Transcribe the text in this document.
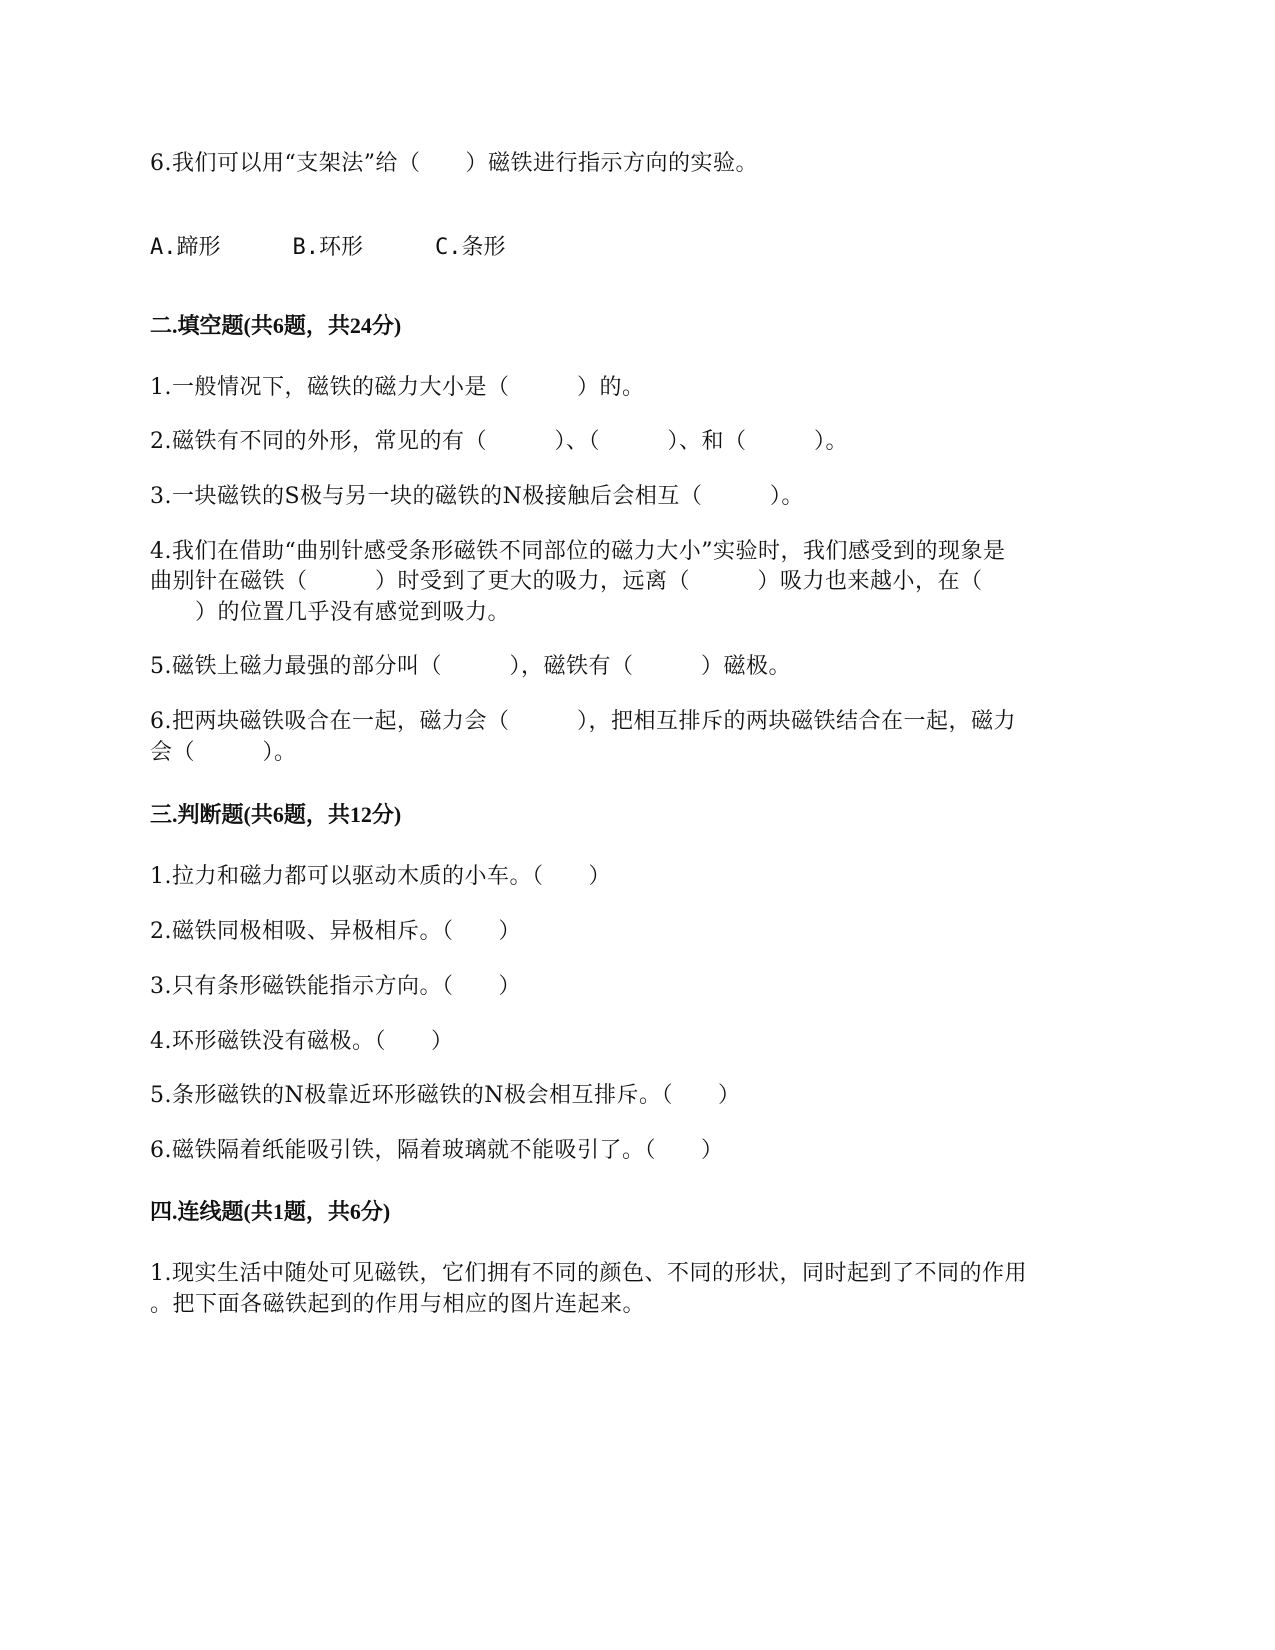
6.我们可以用“支架法”给（　　）磁铁进行指示方向的实验。
A.蹄形	B.环形	C.条形
二.填空题(共6题，共24分)
1.一般情况下，磁铁的磁力大小是（　　　）的。
2.磁铁有不同的外形，常见的有（　　　）、（　　　）、和（　　　）。
3.一块磁铁的S极与另一块的磁铁的N极接触后会相互（　　　）。
4.我们在借助“曲别针感受条形磁铁不同部位的磁力大小”实验时，我们感受到的现象是
曲别针在磁铁（　　　）时受到了更大的吸力，远离（　　　）吸力也来越小，在（
　　）的位置几乎没有感觉到吸力。
5.磁铁上磁力最强的部分叫（　　　），磁铁有（　　　）磁极。
6.把两块磁铁吸合在一起，磁力会（　　　），把相互排斥的两块磁铁结合在一起，磁力
会（　　　）。
三.判断题(共6题，共12分)
1.拉力和磁力都可以驱动木质的小车。（　　）
2.磁铁同极相吸、异极相斥。（　　）
3.只有条形磁铁能指示方向。（　　）
4.环形磁铁没有磁极。（　　）
5.条形磁铁的N极靠近环形磁铁的N极会相互排斥。（　　）
6.磁铁隔着纸能吸引铁，隔着玻璃就不能吸引了。（　　）
四.连线题(共1题，共6分)
1.现实生活中随处可见磁铁，它们拥有不同的颜色、不同的形状，同时起到了不同的作用
。把下面各磁铁起到的作用与相应的图片连起来。
